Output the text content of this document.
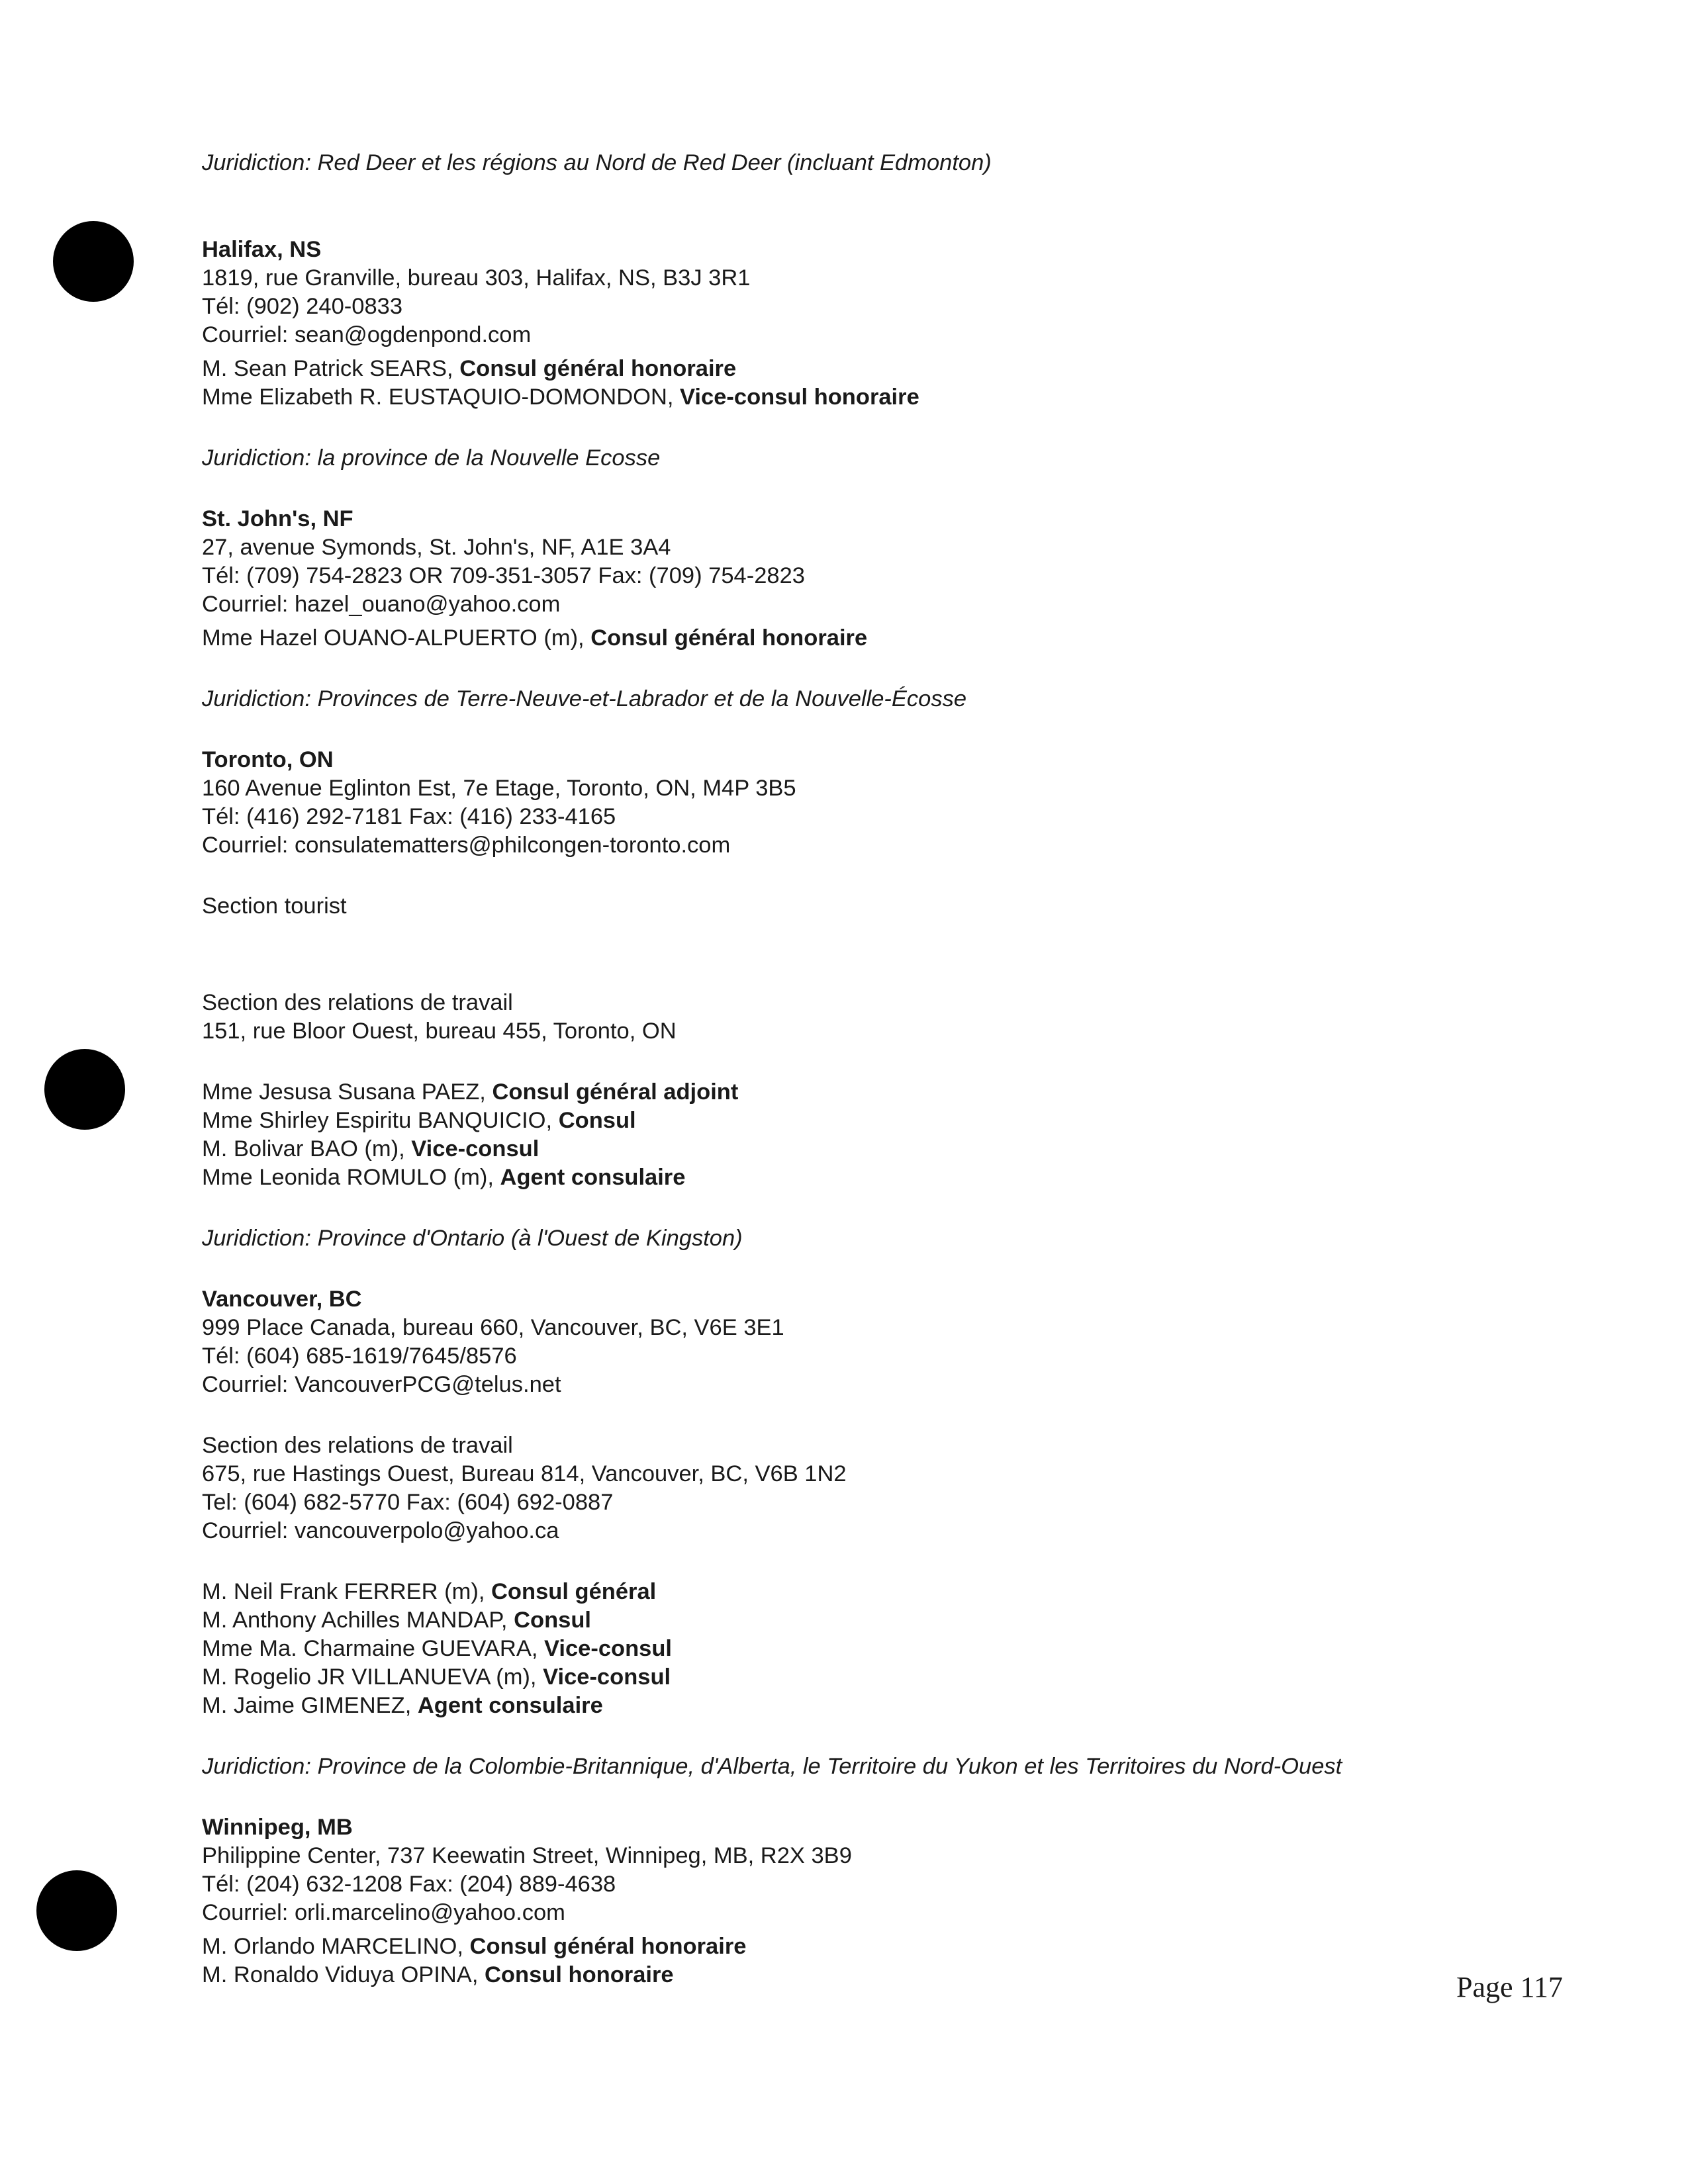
Juridiction: Red Deer et les régions au Nord de Red Deer (incluant Edmonton)
Halifax, NS
1819, rue Granville, bureau 303, Halifax, NS, B3J 3R1
Tél: (902) 240-0833
Courriel: sean@ogdenpond.com
M. Sean Patrick SEARS, Consul général honoraire
Mme Elizabeth R. EUSTAQUIO-DOMONDON, Vice-consul honoraire
Juridiction: la province de la Nouvelle Ecosse
St. John's, NF
27, avenue Symonds, St. John's, NF, A1E 3A4
Tél: (709) 754-2823 OR 709-351-3057 Fax: (709) 754-2823
Courriel: hazel_ouano@yahoo.com
Mme Hazel OUANO-ALPUERTO (m), Consul général honoraire
Juridiction: Provinces de Terre-Neuve-et-Labrador et de la Nouvelle-Écosse
Toronto, ON
160 Avenue Eglinton Est, 7e Etage, Toronto, ON, M4P 3B5
Tél: (416) 292-7181 Fax: (416) 233-4165
Courriel: consulatematters@philcongen-toronto.com
Section tourist
Section des relations de travail
151, rue Bloor Ouest, bureau 455, Toronto, ON
Mme Jesusa Susana PAEZ, Consul général adjoint
Mme Shirley Espiritu BANQUICIO, Consul
M. Bolivar BAO (m), Vice-consul
Mme Leonida ROMULO (m), Agent consulaire
Juridiction: Province d'Ontario (à l'Ouest de Kingston)
Vancouver, BC
999 Place Canada, bureau 660, Vancouver, BC, V6E 3E1
Tél: (604) 685-1619/7645/8576
Courriel: VancouverPCG@telus.net
Section des relations de travail
675, rue Hastings Ouest, Bureau 814, Vancouver, BC, V6B 1N2
Tel: (604) 682-5770 Fax: (604) 692-0887
Courriel: vancouverpolo@yahoo.ca
M. Neil Frank FERRER (m), Consul général
M. Anthony Achilles MANDAP, Consul
Mme Ma. Charmaine GUEVARA, Vice-consul
M. Rogelio JR VILLANUEVA (m), Vice-consul
M. Jaime GIMENEZ, Agent consulaire
Juridiction: Province de la Colombie-Britannique, d'Alberta, le Territoire du Yukon et les Territoires du Nord-Ouest
Winnipeg, MB
Philippine Center, 737 Keewatin Street, Winnipeg, MB, R2X 3B9
Tél: (204) 632-1208 Fax: (204) 889-4638
Courriel: orli.marcelino@yahoo.com
M. Orlando MARCELINO, Consul général honoraire
M. Ronaldo Viduya OPINA, Consul honoraire	Page 117
